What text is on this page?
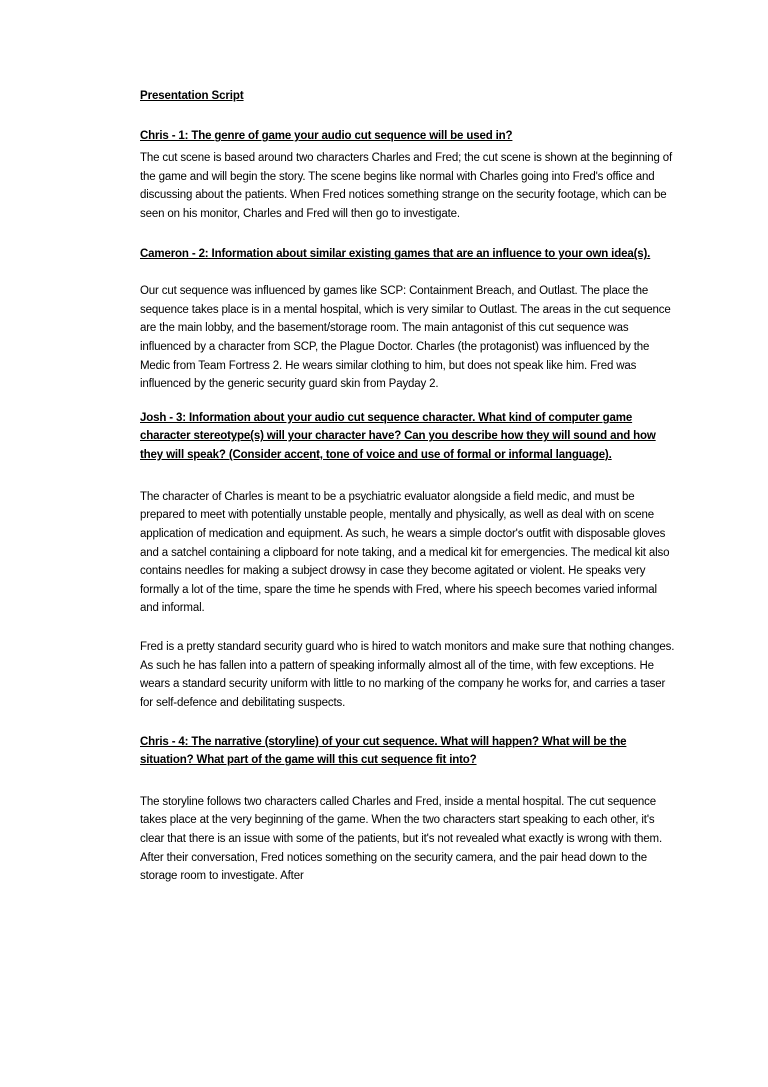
Presentation Script
Chris - 1: The genre of game your audio cut sequence will be used in?

The cut scene is based around two characters Charles and Fred; the cut scene is shown at the beginning of the game and will begin the story. The scene begins like normal with Charles going into Fred's office and discussing about the patients. When Fred notices something strange on the security footage, which can be seen on his monitor, Charles and Fred will then go to investigate.

Cameron - 2: Information about similar existing games that are an influence to your own idea(s).

Our cut sequence was influenced by games like SCP: Containment Breach, and Outlast. The place the sequence takes place is in a mental hospital, which is very similar to Outlast. The areas in the cut sequence are the main lobby, and the basement/storage room. The main antagonist of this cut sequence was influenced by a character from SCP, the Plague Doctor. Charles (the protagonist) was influenced by the Medic from Team Fortress 2. He wears similar clothing to him, but does not speak like him. Fred was influenced by the generic security guard skin from Payday 2.

Josh - 3: Information about your audio cut sequence character. What kind of computer game character stereotype(s) will your character have? Can you describe how they will sound and how they will speak? (Consider accent, tone of voice and use of formal or informal language).

The character of Charles is meant to be a psychiatric evaluator alongside a field medic, and must be prepared to meet with potentially unstable people, mentally and physically, as well as deal with on scene application of medication and equipment. As such, he wears a simple doctor's outfit with disposable gloves and a satchel containing a clipboard for note taking, and a medical kit for emergencies. The medical kit also contains needles for making a subject drowsy in case they become agitated or violent. He speaks very formally a lot of the time, spare the time he spends with Fred, where his speech becomes varied informal and informal.

Fred is a pretty standard security guard who is hired to watch monitors and make sure that nothing changes. As such he has fallen into a pattern of speaking informally almost all of the time, with few exceptions. He wears a standard security uniform with little to no marking of the company he works for, and carries a taser for self-defence and debilitating suspects.

Chris - 4: The narrative (storyline) of your cut sequence. What will happen? What will be the situation? What part of the game will this cut sequence fit into?

The storyline follows two characters called Charles and Fred, inside a mental hospital. The cut sequence takes place at the very beginning of the game. When the two characters start speaking to each other, it's clear that there is an issue with some of the patients, but it's not revealed what exactly is wrong with them. After their conversation, Fred notices something on the security camera, and the pair head down to the storage room to investigate. After
